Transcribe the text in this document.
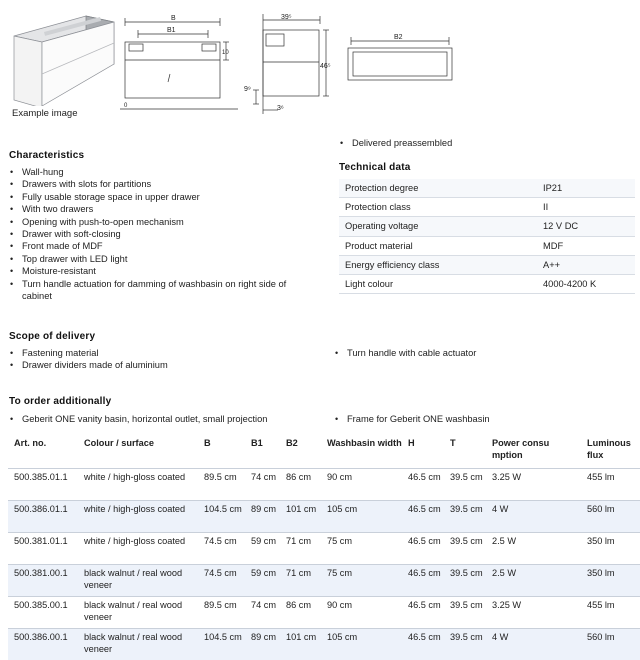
Example image
B
B1
10
0
39⁵
46⁵
9⁹
3⁶
B2
Characteristics
• Wall-hung
• Drawers with slots for partitions
• Fully usable storage space in upper drawer
• With two drawers
• Opening with push-to-open mechanism
• Drawer with soft-closing
• Front made of MDF
• Top drawer with LED light
• Moisture-resistant
• Turn handle actuation for damming of washbasin on right side of cabinet
• Delivered preassembled
Technical data
Protection degree	IP21
Protection class	II
Operating voltage	12 V DC
Product material	MDF
Energy efficiency class	A++
Light colour	4000-4200 K
Scope of delivery
• Fastening material
• Drawer dividers made of aluminium
• Turn handle with cable actuator
To order additionally
• Geberit ONE vanity basin, horizontal outlet, small projection	• Frame for Geberit ONE washbasin
Art. no.	Colour / surface	B	B1	B2	Washbasin width	H	T	Power consu mption	Luminous flux
500.385.01.1	white / high-gloss coated	89.5 cm	74 cm	86 cm	90 cm	46.5 cm	39.5 cm	3.25 W	455 lm
500.386.01.1	white / high-gloss coated	104.5 cm	89 cm	101 cm	105 cm	46.5 cm	39.5 cm	4 W	560 lm
500.381.01.1	white / high-gloss coated	74.5 cm	59 cm	71 cm	75 cm	46.5 cm	39.5 cm	2.5 W	350 lm
500.381.00.1	black walnut / real wood veneer	74.5 cm	59 cm	71 cm	75 cm	46.5 cm	39.5 cm	2.5 W	350 lm
500.385.00.1	black walnut / real wood veneer	89.5 cm	74 cm	86 cm	90 cm	46.5 cm	39.5 cm	3.25 W	455 lm
500.386.00.1	black walnut / real wood veneer	104.5 cm	89 cm	101 cm	105 cm	46.5 cm	39.5 cm	4 W	560 lm
